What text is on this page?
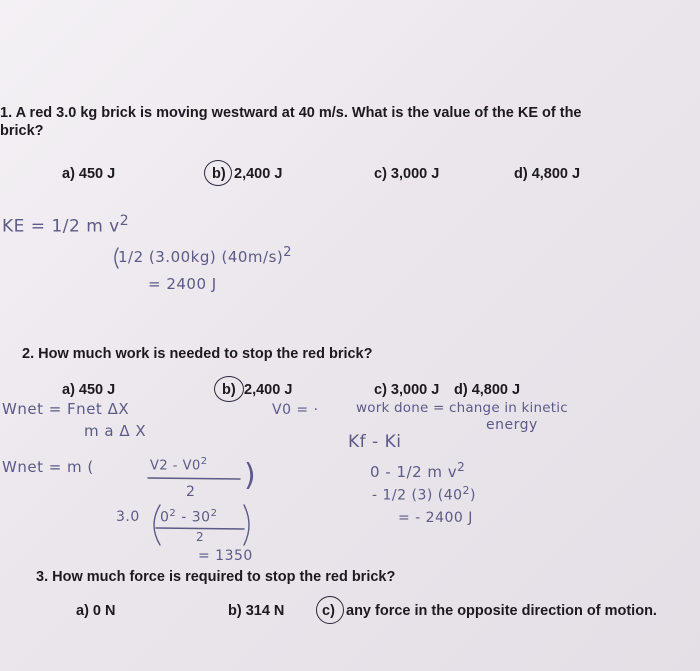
1. A red 3.0 kg brick is moving westward at 40 m/s. What is the value of the KE of the
brick?
a) 450 J	b) 2,400 J	c) 3,000 J	d) 4,800 J
KE = 1/2 m $v^2$
1/2 (3.00kg) $(40m/s)^2$
= 2400 J
2. How much work is needed to stop the red brick?
a) 450 J	b) 2,400 J	c) 3,000 J d) 4,800 J
Wnet = Fnet ΔX
m a Δ X
Wnet = m (	$V2 - V0^2$
2 )
3.0 $0^2 - 30^2$
2
= 1350
V0 = ·	work done = change in kinetic
energy
Kf - Ki
0 - 1/2 m $v^2$
- 1/2 (3) $(40^2)$
= - 2400 J
3. How much force is required to stop the red brick?
a) 0 N	b) 314 N	c) any force in the opposite direction of motion.
